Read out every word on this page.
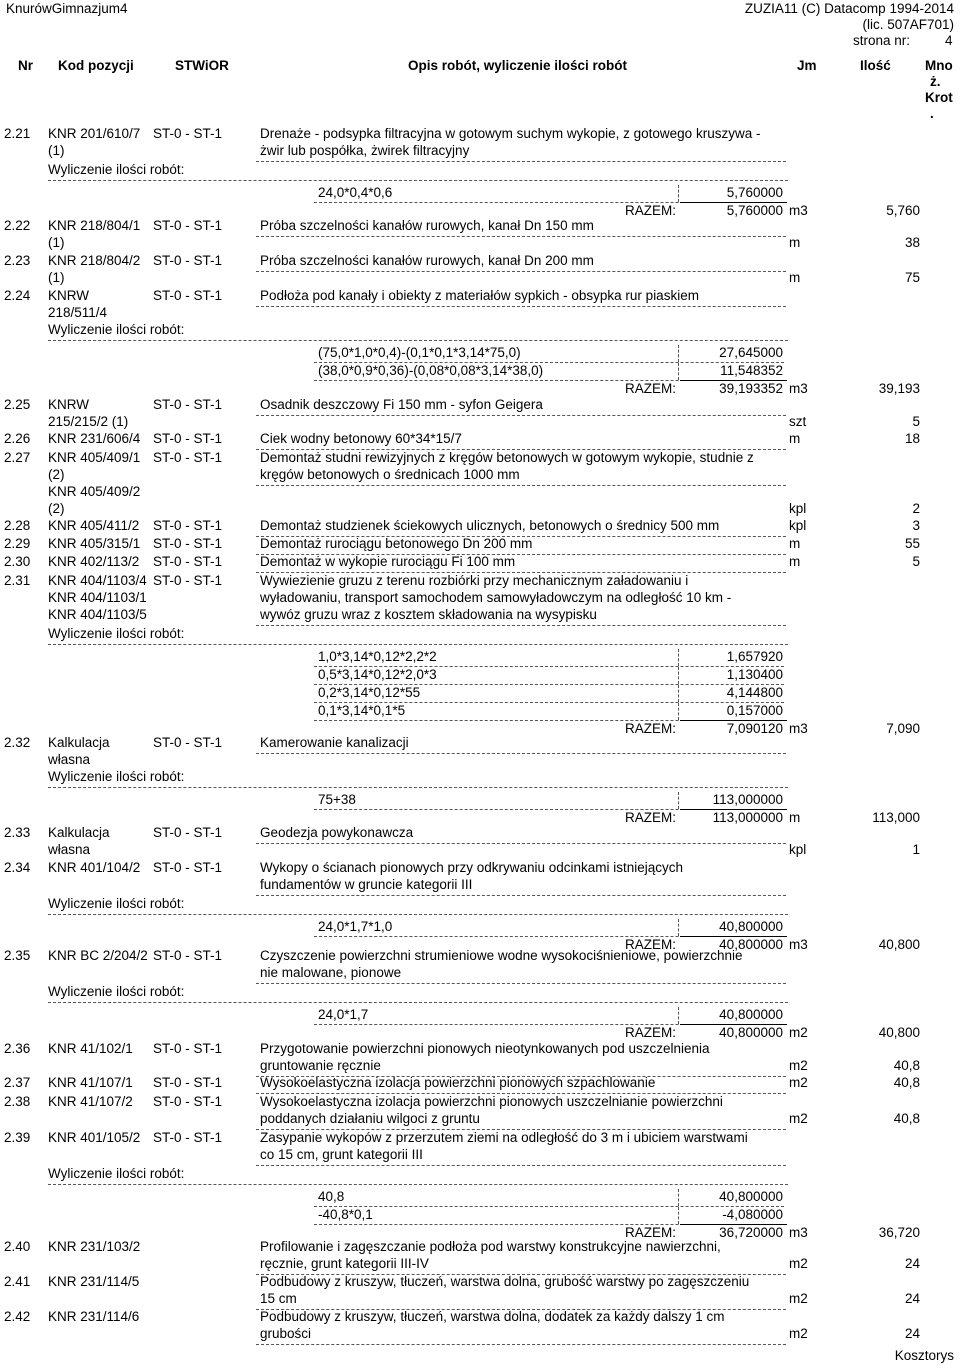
KnurówGimnazjum4	ZUZIA11 (C) Datacomp 1994-2014
(lic. 507AF701)
strona nr:	4
Nr Kod pozycji	STWiOR	Opis robót, wyliczenie ilości robót	Jm	Ilość	Mno
ż.
Krot
.
2.21 KNR 201/610/7
(1)
ST-0 - ST-1	Drenaże - podsypka filtracyjna w gotowym suchym wykopie, z gotowego kruszywa -
żwir lub pospółka, żwirek filtracyjny
Wyliczenie ilości robót:
24,0*0,4*0,6	5,760000
RAZEM:	5,760000 m3	5,760
2.22 KNR 218/804/1
(1)
ST-0 - ST-1	Próba szczelności kanałów rurowych, kanał Dn 150 mm
m	38
2.23 KNR 218/804/2
(1)
ST-0 - ST-1	Próba szczelności kanałów rurowych, kanał Dn 200 mm
m	75
2.24 KNRW
218/511/4
ST-0 - ST-1	Podłoża pod kanały i obiekty z materiałów sypkich - obsypka rur piaskiem
Wyliczenie ilości robót:
(75,0*1,0*0,4)-(0,1*0,1*3,14*75,0)	27,645000
(38,0*0,9*0,36)-(0,08*0,08*3,14*38,0)	11,548352
RAZEM:	39,193352 m3	39,193
2.25 KNRW
215/215/2 (1)
ST-0 - ST-1	Osadnik deszczowy Fi 150 mm - syfon Geigera
szt	5
2.26 KNR 231/606/4 ST-0 - ST-1	Ciek wodny betonowy 60*34*15/7	m	18
2.27 KNR 405/409/1
(2)
KNR 405/409/2
(2)
ST-0 - ST-1	Demontaż studni rewizyjnych z kręgów betonowych w gotowym wykopie, studnie z
kręgów betonowych o średnicach 1000 mm
kpl	2
2.28 KNR 405/411/2 ST-0 - ST-1	Demontaż studzienek ściekowych ulicznych, betonowych o średnicy 500 mm	kpl	3
2.29 KNR 405/315/1 ST-0 - ST-1	Demontaż rurociągu betonowego Dn 200 mm	m	55
2.30 KNR 402/113/2 ST-0 - ST-1	Demontaż w wykopie rurociągu Fi 100 mm	m	5
2.31 KNR 404/1103/4
KNR 404/1103/1
KNR 404/1103/5
ST-0 - ST-1	Wywiezienie gruzu z terenu rozbiórki przy mechanicznym załadowaniu i
wyładowaniu, transport samochodem samowyładowczym na odległość 10 km -
wywóz gruzu wraz z kosztem składowania na wysypisku
Wyliczenie ilości robót:
1,0*3,14*0,12*2,2*2	1,657920
0,5*3,14*0,12*2,0*3	1,130400
0,2*3,14*0,12*55	4,144800
0,1*3,14*0,1*5	0,157000
RAZEM:	7,090120 m3	7,090
2.32 Kalkulacja
własna
ST-0 - ST-1	Kamerowanie kanalizacji
Wyliczenie ilości robót:
75+38	113,000000
RAZEM:	113,000000 m	113,000
2.33 Kalkulacja
własna
ST-0 - ST-1	Geodezja powykonawcza
kpl	1
2.34 KNR 401/104/2 ST-0 - ST-1	Wykopy o ścianach pionowych przy odkrywaniu odcinkami istniejących
fundamentów w gruncie kategorii III
Wyliczenie ilości robót:
24,0*1,7*1,0	40,800000
RAZEM:	40,800000 m3	40,800
2.35 KNR BC 2/204/2 ST-0 - ST-1	Czyszczenie powierzchni strumieniowe wodne wysokociśnieniowe, powierzchnie
nie malowane, pionowe
Wyliczenie ilości robót:
24,0*1,7	40,800000
RAZEM:	40,800000 m2	40,800
2.36 KNR 41/102/1 ST-0 - ST-1	Przygotowanie powierzchni pionowych nieotynkowanych pod uszczelnienia
gruntowanie ręcznie	m2	40,8
2.37 KNR 41/107/1 ST-0 - ST-1	Wysokoelastyczna izolacja powierzchni pionowych szpachlowanie	m2	40,8
2.38 KNR 41/107/2 ST-0 - ST-1	Wysokoelastyczna izolacja powierzchni pionowych uszczelnianie powierzchni
poddanych działaniu wilgoci z gruntu	m2	40,8
2.39 KNR 401/105/2 ST-0 - ST-1	Zasypanie wykopów z przerzutem ziemi na odległość do 3 m i ubiciem warstwami
co 15 cm, grunt kategorii III
Wyliczenie ilości robót:
40,8	40,800000
-40,8*0,1	-4,080000
RAZEM:	36,720000 m3	36,720
2.40 KNR 231/103/2	Profilowanie i zagęszczanie podłoża pod warstwy konstrukcyjne nawierzchni,
ręcznie, grunt kategorii III-IV	m2	24
2.41 KNR 231/114/5	Podbudowy z kruszyw, tłuczeń, warstwa dolna, grubość warstwy po zagęszczeniu
15 cm	m2	24
2.42 KNR 231/114/6	Podbudowy z kruszyw, tłuczeń, warstwa dolna, dodatek za każdy dalszy 1 cm
grubości	m2	24
Kosztorys
